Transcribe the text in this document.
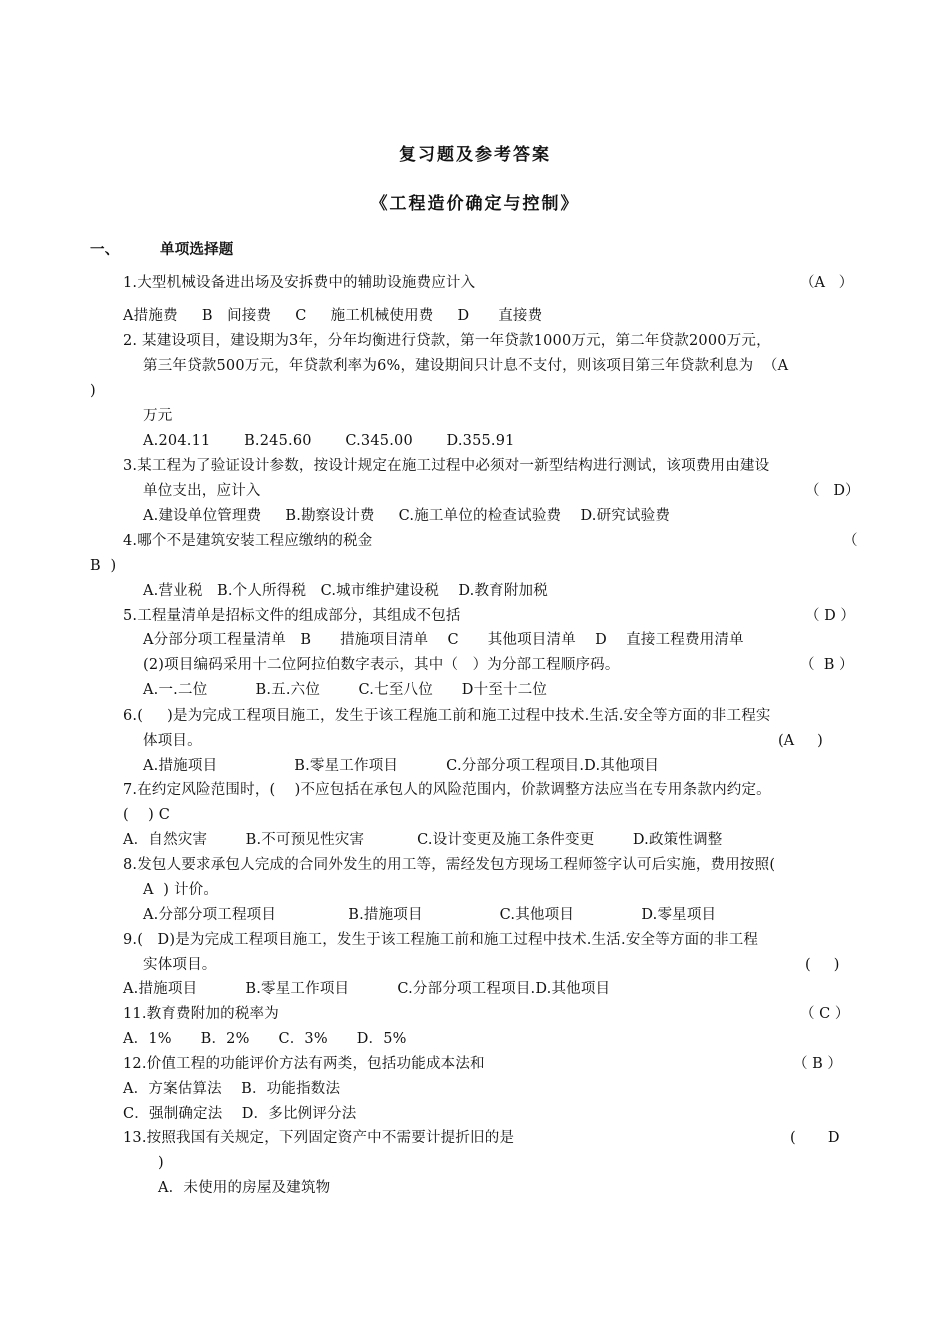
复习题及参考答案
《工程造价确定与控制》
一、	单项选择题
1.大型机械设备进出场及安拆费中的辅助设施费应计入	（A   ）
A措施费     B   间接费     C     施工机械使用费     D      直接费
2. 某建设项目，建设期为3年，分年均衡进行贷款，第一年贷款1000万元，第二年贷款2000万元，
第三年贷款500万元，年贷款利率为6%，建设期间只计息不支付，则该项目第三年贷款利息为  （A
)
万元
A.204.11       B.245.60       C.345.00       D.355.91
3.某工程为了验证设计参数，按设计规定在施工过程中必须对一新型结构进行测试，该项费用由建设
单位支出，应计入	（   D）
A.建设单位管理费     B.勘察设计费     C.施工单位的检查试验费    D.研究试验费
4.哪个不是建筑安装工程应缴纳的税金	（
B  )
A.营业税   B.个人所得税   C.城市维护建设税    D.教育附加税
5.工程量清单是招标文件的组成部分，其组成不包括	（ D ）
A分部分项工程量清单   B      措施项目清单    C      其他项目清单    D    直接工程费用清单
(2)项目编码采用十二位阿拉伯数字表示，其中（   ）为分部工程顺序码。	（  B ）
A.一.二位          B.五.六位        C.七至八位      D十至十二位
6.(     )是为完成工程项目施工，发生于该工程施工前和施工过程中技术.生活.安全等方面的非工程实
体项目。	(A     )
A.措施项目                B.零星工作项目          C.分部分项工程项目.D.其他项目
7.在约定风险范围时，(    )不应包括在承包人的风险范围内，价款调整方法应当在专用条款内约定。
(    ) C
A．自然灾害        B.不可预见性灾害           C.设计变更及施工条件变更        D.政策性调整
8.发包人要求承包人完成的合同外发生的用工等，需经发包方现场工程师签字认可后实施，费用按照(
A  ) 计价。
A.分部分项工程项目               B.措施项目                C.其他项目              D.零星项目
9.(   D)是为完成工程项目施工，发生于该工程施工前和施工过程中技术.生活.安全等方面的非工程
实体项目。	(     )
A.措施项目          B.零星工作项目          C.分部分项工程项目.D.其他项目
11.教育费附加的税率为	（ C ）
A．1%      B．2%      C．3%      D．5%
12.价值工程的功能评价方法有两类，包括功能成本法和	（ B ）
A．方案估算法    B．功能指数法
C．强制确定法    D．多比例评分法
13.按照我国有关规定，下列固定资产中不需要计提折旧的是	(       D
)
A．未使用的房屋及建筑物
